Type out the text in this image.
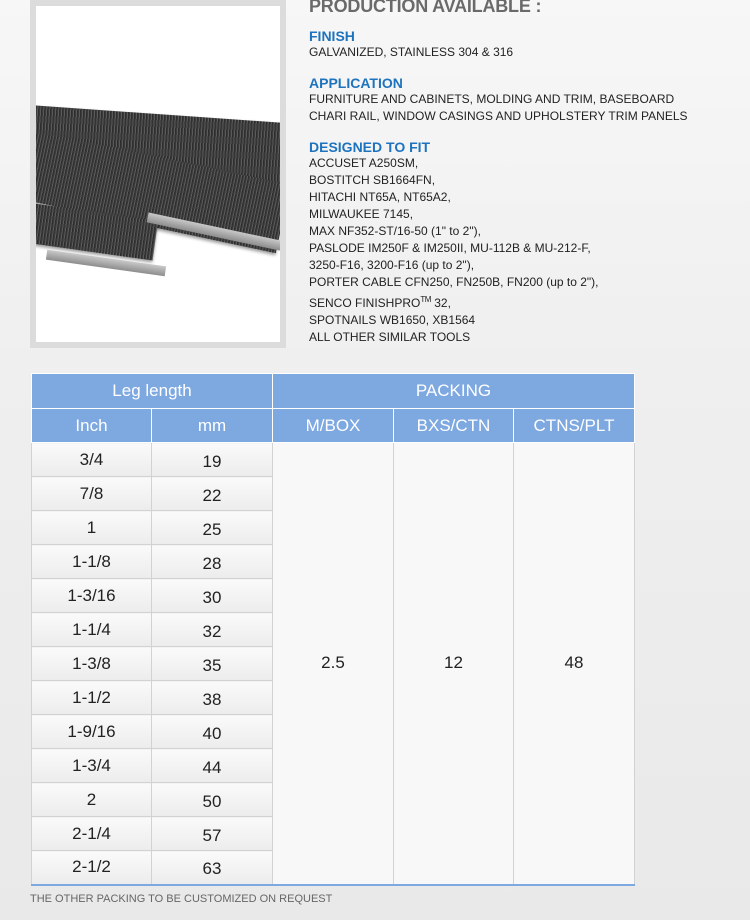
PRODUCTION AVAILABLE :
FINISH
GALVANIZED, STAINLESS 304 & 316
APPLICATION
FURNITURE AND CABINETS, MOLDING AND TRIM, BASEBOARD
CHARI RAIL, WINDOW CASINGS AND UPHOLSTERY TRIM PANELS
DESIGNED TO FIT
ACCUSET A250SM,
BOSTITCH SB1664FN,
HITACHI NT65A, NT65A2,
MILWAUKEE 7145,
MAX NF352-ST/16-50 (1" to 2"),
PASLODE IM250F & IM250II, MU-112B & MU-212-F,
3250-F16, 3200-F16 (up to 2"),
PORTER CABLE CFN250, FN250B, FN200 (up to 2"),
SENCO FINISHPRO™ 32,
SPOTNAILS WB1650, XB1564
ALL OTHER SIMILAR TOOLS
Leg length		PACKING		
Inch	mm	M/BOX	BXS/CTN	CTNS/PLT
3/4	19	2.5	12	48
7/8	22			
1	25			
1-1/8	28			
1-3/16	30			
1-1/4	32			
1-3/8	35			
1-1/2	38			
1-9/16	40			
1-3/4	44			
2	50			
2-1/4	57			
2-1/2	63			
THE OTHER PACKING TO BE CUSTOMIZED ON REQUEST
